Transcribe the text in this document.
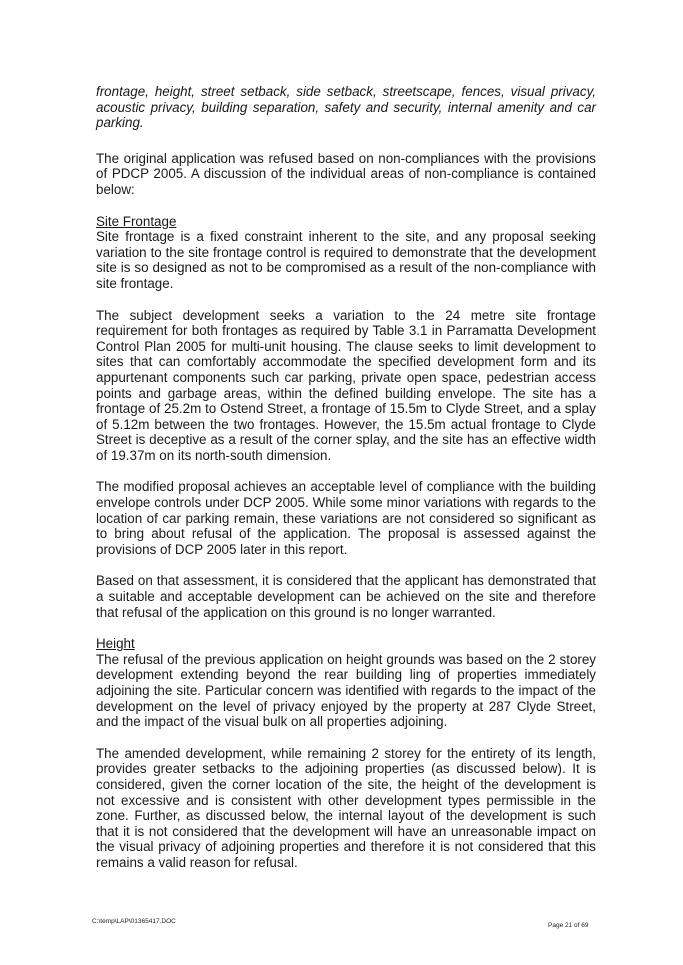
frontage, height, street setback, side setback, streetscape, fences, visual privacy, acoustic privacy, building separation, safety and security, internal amenity and car parking.

The original application was refused based on non-compliances with the provisions of PDCP 2005. A discussion of the individual areas of non-compliance is contained below:

Site Frontage

Site frontage is a fixed constraint inherent to the site, and any proposal seeking variation to the site frontage control is required to demonstrate that the development site is so designed as not to be compromised as a result of the non-compliance with site frontage.

The subject development seeks a variation to the 24 metre site frontage requirement for both frontages as required by Table 3.1 in Parramatta Development Control Plan 2005 for multi-unit housing. The clause seeks to limit development to sites that can comfortably accommodate the specified development form and its appurtenant components such car parking, private open space, pedestrian access points and garbage areas, within the defined building envelope. The site has a frontage of 25.2m to Ostend Street, a frontage of 15.5m to Clyde Street, and a splay of 5.12m between the two frontages. However, the 15.5m actual frontage to Clyde Street is deceptive as a result of the corner splay, and the site has an effective width of 19.37m on its north-south dimension.

The modified proposal achieves an acceptable level of compliance with the building envelope controls under DCP 2005. While some minor variations with regards to the location of car parking remain, these variations are not considered so significant as to bring about refusal of the application. The proposal is assessed against the provisions of DCP 2005 later in this report.

Based on that assessment, it is considered that the applicant has demonstrated that a suitable and acceptable development can be achieved on the site and therefore that refusal of the application on this ground is no longer warranted.

Height

The refusal of the previous application on height grounds was based on the 2 storey development extending beyond the rear building ling of properties immediately adjoining the site. Particular concern was identified with regards to the impact of the development on the level of privacy enjoyed by the property at 287 Clyde Street, and the impact of the visual bulk on all properties adjoining.

The amended development, while remaining 2 storey for the entirety of its length, provides greater setbacks to the adjoining properties (as discussed below). It is considered, given the corner location of the site, the height of the development is not excessive and is consistent with other development types permissible in the zone. Further, as discussed below, the internal layout of the development is such that it is not considered that the development will have an unreasonable impact on the visual privacy of adjoining properties and therefore it is not considered that this remains a valid reason for refusal.

C:\temp\LAP\01365417.DOC
Page 21 of 69
